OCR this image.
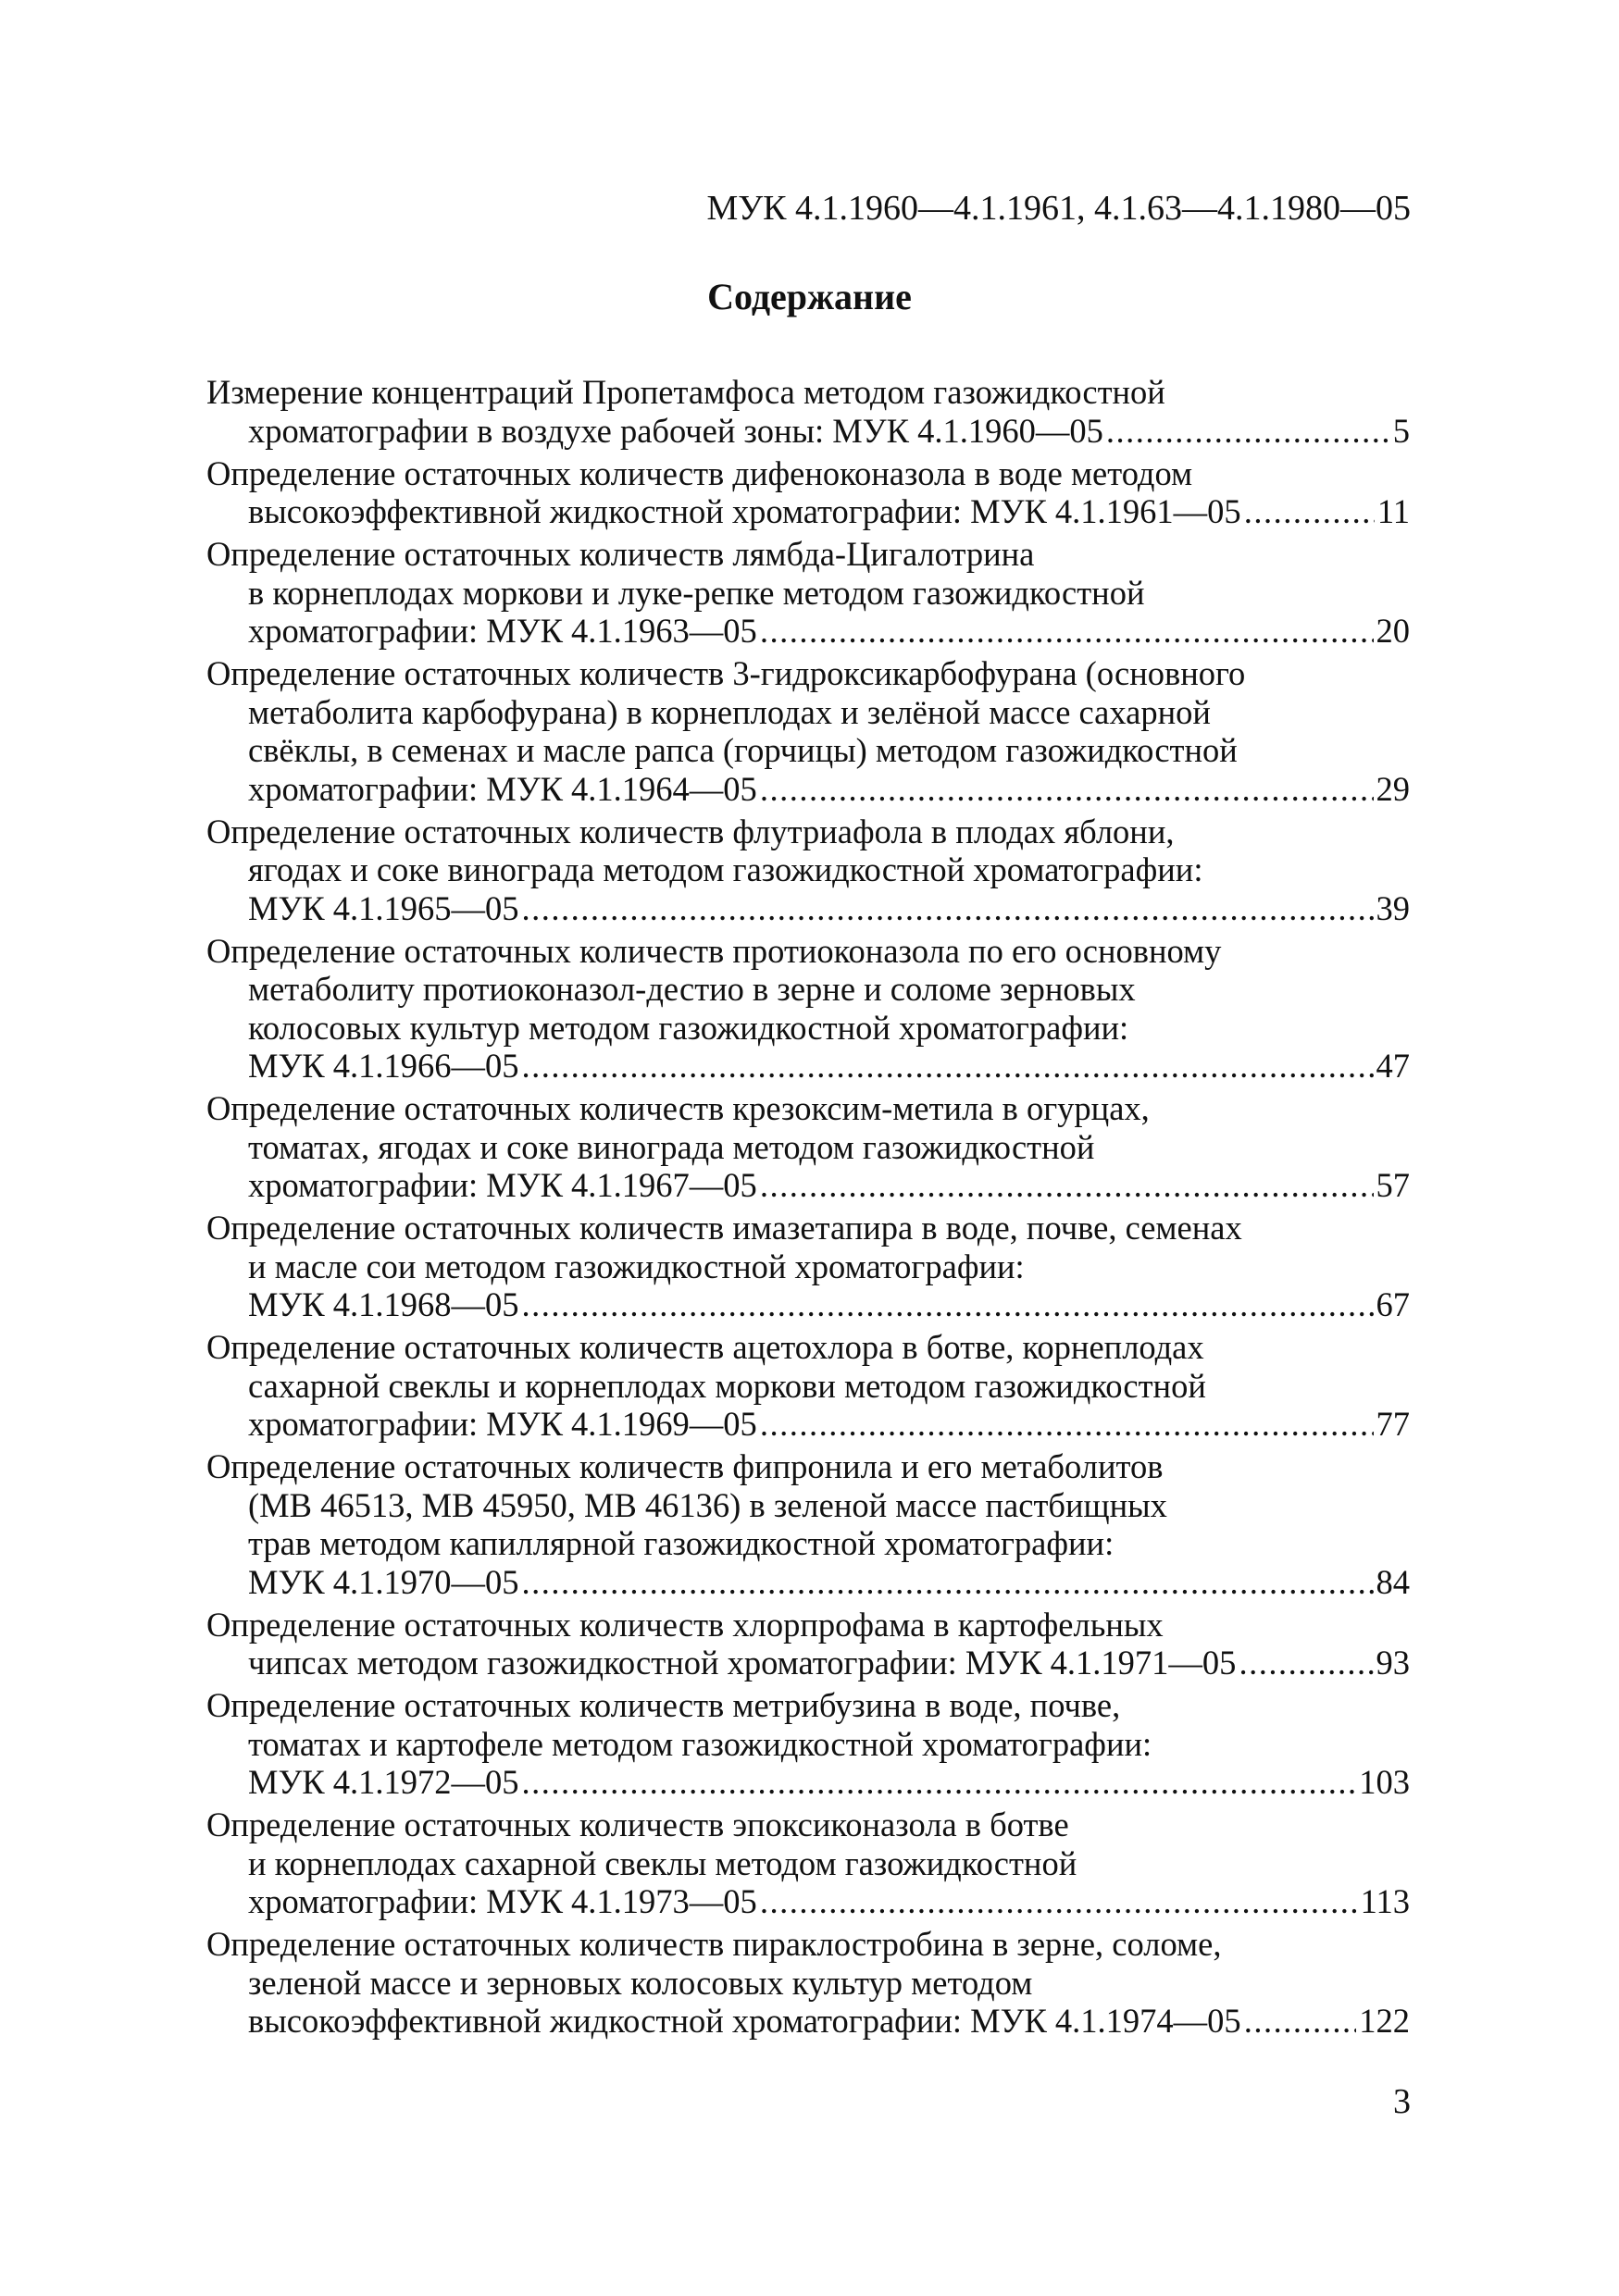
МУК 4.1.1960—4.1.1961, 4.1.63—4.1.1980—05
Содержание
Измерение концентраций Пропетамфоса методом газожидкостной
хроматографии в воздухе рабочей зоны: МУК 4.1.1960—05 .....	5
Определение остаточных количеств дифеноконазола в воде методом
высокоэффективной жидкостной хроматографии: МУК 4.1.1961—05 .....	11
Определение остаточных количеств лямбда-Цигалотрина
в корнеплодах моркови и луке-репке методом газожидкостной
хроматографии: МУК 4.1.1963—05 .....	20
Определение остаточных количеств 3-гидроксикарбофурана (основного
метаболита карбофурана) в корнеплодах и зелёной массе сахарной
свёклы, в семенах и масле рапса (горчицы) методом газожидкостной
хроматографии: МУК 4.1.1964—05 .....	29
Определение остаточных количеств флутриафола в плодах яблони,
ягодах и соке винограда методом газожидкостной хроматографии:
МУК 4.1.1965—05 .....	39
Определение остаточных количеств протиоконазола по его основному
метаболиту протиоконазол-дестио в зерне и соломе зерновых
колосовых культур методом газожидкостной хроматографии:
МУК 4.1.1966—05 .....	47
Определение остаточных количеств крезоксим-метила в огурцах,
томатах, ягодах и соке винограда методом газожидкостной
хроматографии: МУК 4.1.1967—05 .....	57
Определение остаточных количеств имазетапира в воде, почве, семенах
и масле сои методом газожидкостной хроматографии:
МУК 4.1.1968—05 .....	67
Определение остаточных количеств ацетохлора в ботве, корнеплодах
сахарной свеклы и корнеплодах моркови методом газожидкостной
хроматографии: МУК 4.1.1969—05 .....	77
Определение остаточных количеств фипронила и его метаболитов
(МВ 46513, МВ 45950, МВ 46136) в зеленой массе пастбищных
трав методом капиллярной газожидкостной хроматографии:
МУК 4.1.1970—05 .....	84
Определение остаточных количеств хлорпрофама в картофельных
чипсах методом газожидкостной хроматографии: МУК 4.1.1971—05 .....	93
Определение остаточных количеств метрибузина в воде, почве,
томатах и картофеле методом газожидкостной хроматографии:
МУК 4.1.1972—05 .....	103
Определение остаточных количеств эпоксиконазола в ботве
и корнеплодах сахарной свеклы методом газожидкостной
хроматографии: МУК 4.1.1973—05 .....	113
Определение остаточных количеств пираклостробина в зерне, соломе,
зеленой массе и зерновых колосовых культур методом
высокоэффективной жидкостной хроматографии: МУК 4.1.1974—05 .....	122
3
